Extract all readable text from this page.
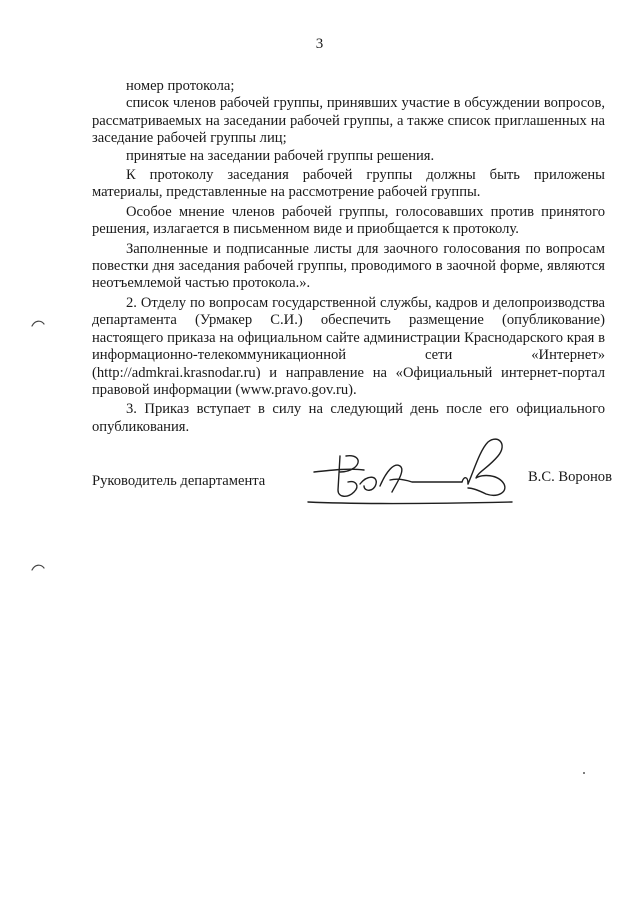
3

номер протокола;

список членов рабочей группы, принявших участие в обсуждении вопросов, рассматриваемых на заседании рабочей группы, а также список приглашенных на заседание рабочей группы лиц;

принятые на заседании рабочей группы решения.

К протоколу заседания рабочей группы должны быть приложены материалы, представленные на рассмотрение рабочей группы.

Особое мнение членов рабочей группы, голосовавших против принятого решения, излагается в письменном виде и приобщается к протоколу.

Заполненные и подписанные листы для заочного голосования по вопросам повестки дня заседания рабочей группы, проводимого в заочной форме, являются неотъемлемой частью протокола.».

2. Отделу по вопросам государственной службы, кадров и делопроизводства департамента (Урмакер С.И.) обеспечить размещение (опубликование) настоящего приказа на официальном сайте администрации Краснодарского края в информационно-телекоммуникационной сети «Интернет» (http://admkrai.krasnodar.ru) и направление на «Официальный интернет-портал правовой информации (www.pravo.gov.ru).

3. Приказ вступает в силу на следующий день после его официального опубликования.

Руководитель департамента	В.С. Воронов
